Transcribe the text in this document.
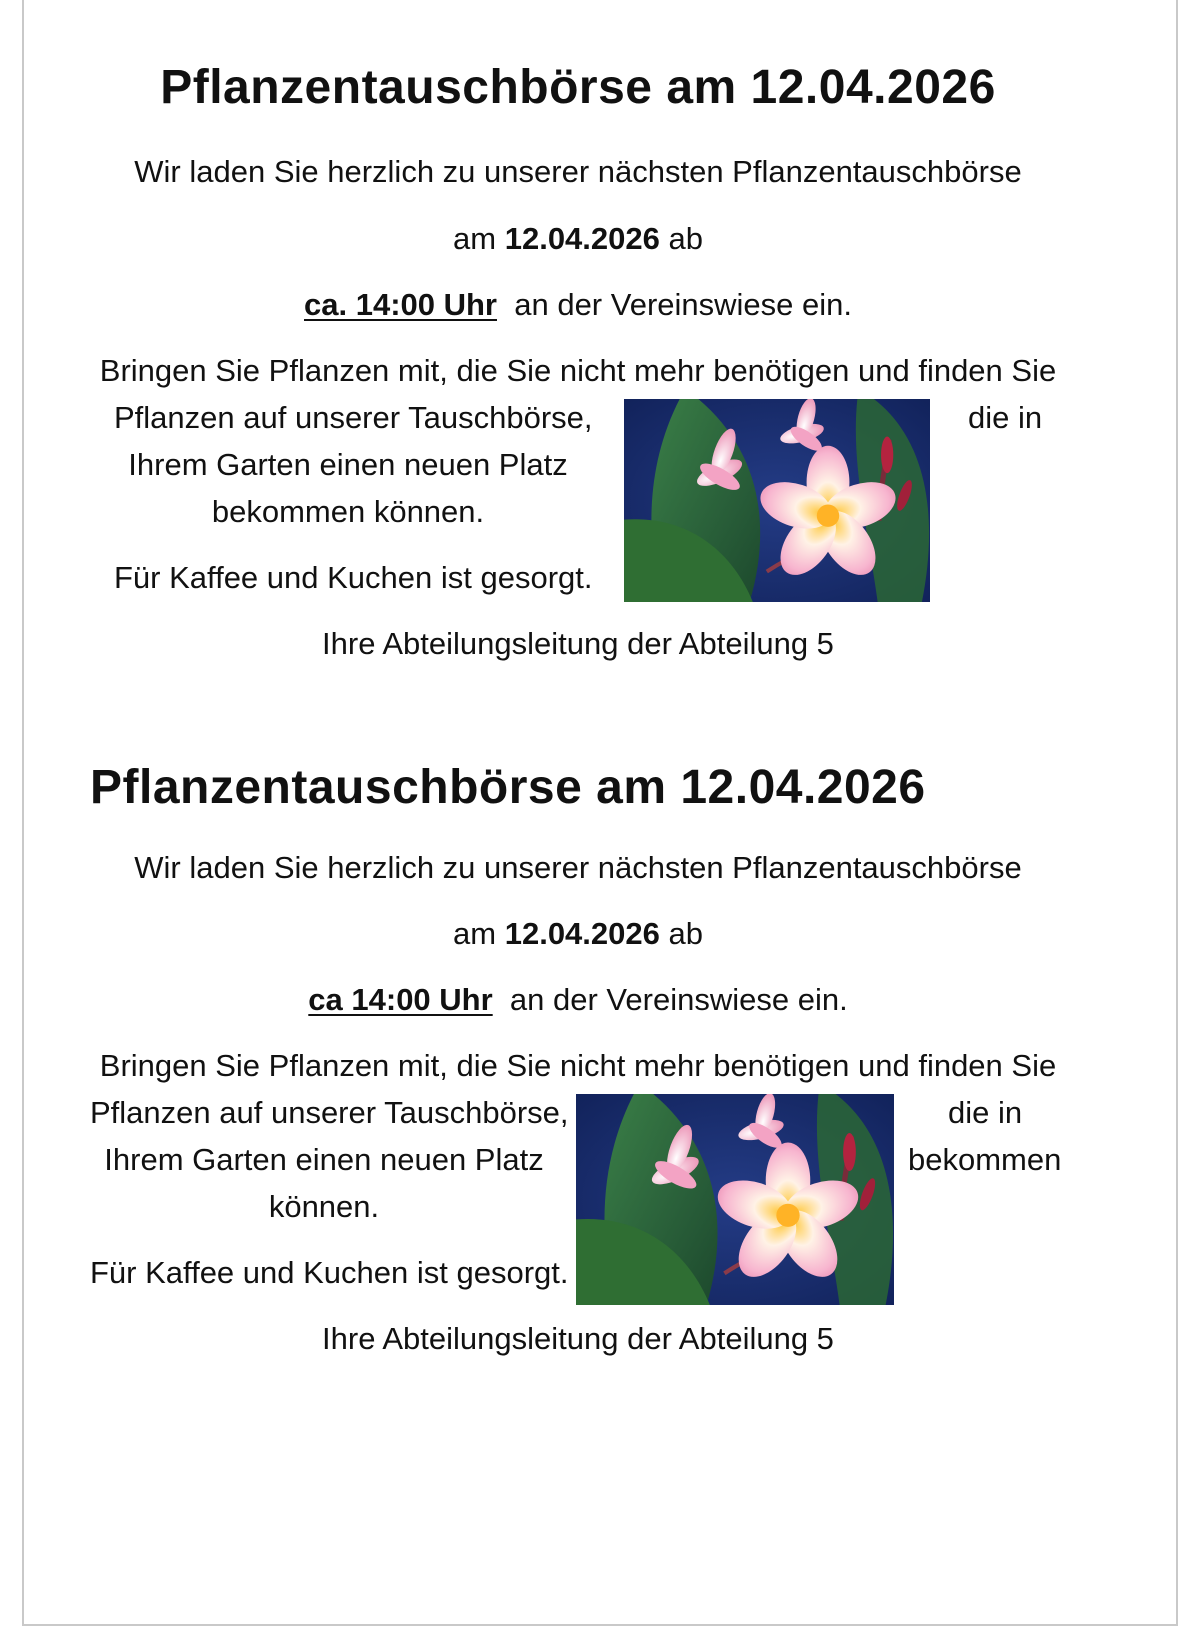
Pflanzentauschbörse am 12.04.2026
Wir laden Sie herzlich zu unserer nächsten Pflanzentauschbörse
am 12.04.2026 ab
ca. 14:00 Uhr an der Vereinswiese ein.
Bringen Sie Pflanzen mit, die Sie nicht mehr benötigen und finden Sie
Pflanzen auf unserer Tauschbörse,
Ihrem Garten einen neuen Platz
bekommen können.
die in
Für Kaffee und Kuchen ist gesorgt.
Ihre Abteilungsleitung der Abteilung 5
Pflanzentauschbörse am 12.04.2026
Wir laden Sie herzlich zu unserer nächsten Pflanzentauschbörse
am 12.04.2026 ab
ca 14:00 Uhr an der Vereinswiese ein.
Bringen Sie Pflanzen mit, die Sie nicht mehr benötigen und finden Sie
Pflanzen auf unserer Tauschbörse,
Ihrem Garten einen neuen Platz
können.
die in
bekommen
Für Kaffee und Kuchen ist gesorgt.
Ihre Abteilungsleitung der Abteilung 5
